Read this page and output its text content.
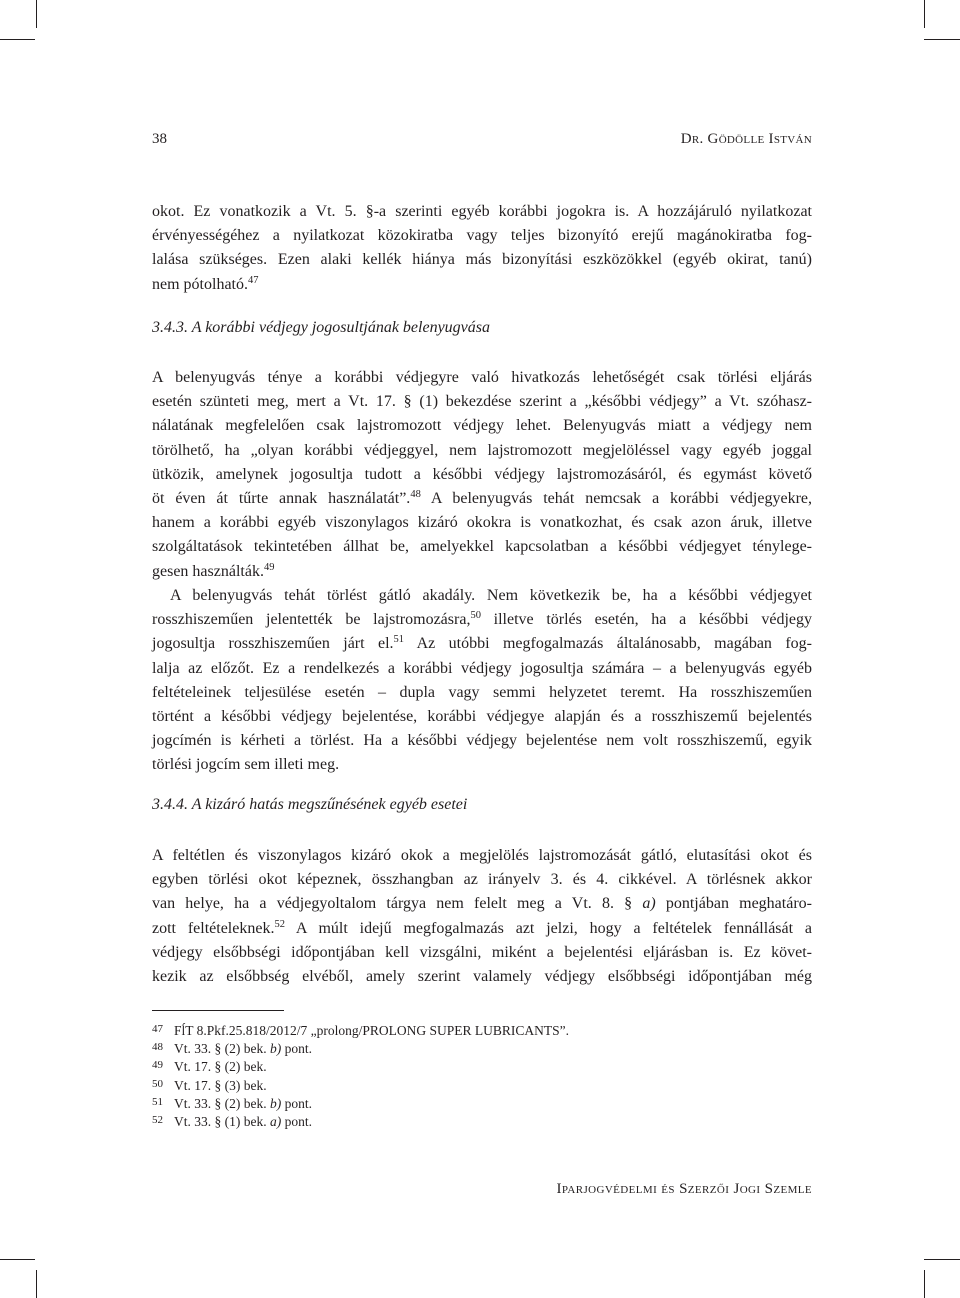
38	Dr. Gödölle István
okot. Ez vonatkozik a Vt. 5. §-a szerinti egyéb korábbi jogokra is. A hozzájáruló nyilatkozat
érvényességéhez a nyilatkozat közokiratba vagy teljes bizonyító erejű magánokiratba fog-
lalása szükséges. Ezen alaki kellék hiánya más bizonyítási eszközökkel (egyéb okirat, tanú)
nem pótolható.$^{47}$
3.4.3. A korábbi védjegy jogosultjának belenyugvása
A belenyugvás ténye a korábbi védjegyre való hivatkozás lehetőségét csak törlési eljárás
esetén szünteti meg, mert a Vt. 17. § (1) bekezdése szerint a „későbbi védjegy” a Vt. szóhasz-
nálatának megfelelően csak lajstromozott védjegy lehet. Belenyugvás miatt a védjegy nem
törölhető, ha „olyan korábbi védjeggyel, nem lajstromozott megjelöléssel vagy egyéb joggal
ütközik, amelynek jogosultja tudott a későbbi védjegy lajstromozásáról, és egymást követő
öt éven át tűrte annak használatát”.$^{48}$ A belenyugvás tehát nemcsak a korábbi védjegyekre,
hanem a korábbi egyéb viszonylagos kizáró okokra is vonatkozhat, és csak azon áruk, illetve
szolgáltatások tekintetében állhat be, amelyekkel kapcsolatban a későbbi védjegyet ténylege-
gesen használták.$^{49}$
A belenyugvás tehát törlést gátló akadály. Nem következik be, ha a későbbi védjegyet
rosszhiszeműen jelentették be lajstromozásra,$^{50}$ illetve törlés esetén, ha a későbbi védjegy
jogosultja rosszhiszeműen járt el.$^{51}$ Az utóbbi megfogalmazás általánosabb, magában fog-
lalja az előzőt. Ez a rendelkezés a korábbi védjegy jogosultja számára – a belenyugvás egyéb
feltételeinek teljesülése esetén – dupla vagy semmi helyzetet teremt. Ha rosszhiszeműen
történt a későbbi védjegy bejelentése, korábbi védjegye alapján és a rosszhiszemű bejelentés
jogcímén is kérheti a törlést. Ha a későbbi védjegy bejelentése nem volt rosszhiszemű, egyik
törlési jogcím sem illeti meg.
3.4.4. A kizáró hatás megszűnésének egyéb esetei
A feltétlen és viszonylagos kizáró okok a megjelölés lajstromozását gátló, elutasítási okot és
egyben törlési okot képeznek, összhangban az irányelv 3. és 4. cikkével. A törlésnek akkor
van helye, ha a védjegyoltalom tárgya nem felelt meg a Vt. 8. § a) pontjában meghatáro-
zott feltételeknek.$^{52}$ A múlt idejű megfogalmazás azt jelzi, hogy a feltételek fennállását a
védjegy elsőbbségi időpontjában kell vizsgálni, miként a bejelentési eljárásban is. Ez követ-
kezik az elsőbbség elvéből, amely szerint valamely védjegy elsőbbségi időpontjában még
47 FĺT 8.Pkf.25.818/2012/7 „prolong/PROLONG SUPER LUBRICANTS”.
48 Vt. 33. § (2) bek. b) pont.
49 Vt. 17. § (2) bek.
50 Vt. 17. § (3) bek.
51 Vt. 33. § (2) bek. b) pont.
52 Vt. 33. § (1) bek. a) pont.
Iparjogvédelmi és Szerzői Jogi Szemle
